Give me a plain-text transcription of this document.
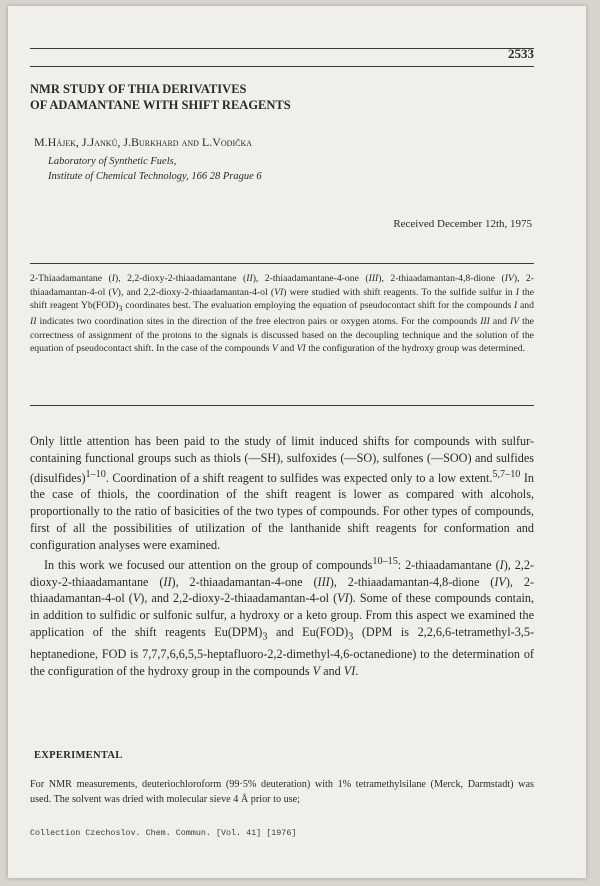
2533
NMR STUDY OF THIA DERIVATIVES
OF ADAMANTANE WITH SHIFT REAGENTS
M.Hájek, J.Janků, J.Burkhard and L.Vodička
Laboratory of Synthetic Fuels,
Institute of Chemical Technology, 166 28 Prague 6
Received December 12th, 1975
2-Thiaadamantane (I), 2,2-dioxy-2-thiaadamantane (II), 2-thiaadamantane-4-one (III), 2-thiaadamantan-4,8-dione (IV), 2-thiaadamantan-4-ol (V), and 2,2-dioxy-2-thiaadamantan-4-ol (VI) were studied with shift reagents. To the sulfide sulfur in I the shift reagent $Yb(FOD)_3$ coordinates best. The evaluation employing the equation of pseudocontact shift for the compounds I and II indicates two coordination sites in the direction of the free electron pairs or oxygen atoms. For the compounds III and IV the correctness of assignment of the protons to the signals is discussed based on the decoupling technique and the solution of the equation of pseudocontact shift. In the case of the compounds V and VI the configuration of the hydroxy group was determined.

Only little attention has been paid to the study of limit induced shifts for compounds with sulfur-containing functional groups such as thiols (—SH), sulfoxides (—SO), sulfones (—SOO) and sulfides (disulfides)$^{1-10}$. Coordination of a shift reagent to sulfides was expected only to a low extent.$^{5,7-10}$ In the case of thiols, the coordination of the shift reagent is lower as compared with alcohols, proportionally to the ratio of basicities of the two types of compounds. For other types of compounds, first of all the possibilities of utilization of the lanthanide shift reagents for conformation and configuration analyses were examined.

In this work we focused our attention on the group of compounds$^{10-15}$: 2-thiaadamantane (I), 2,2-dioxy-2-thiaadamantane (II), 2-thiaadamantan-4-one (III), 2-thiaadamantan-4,8-dione (IV), 2-thiaadamantan-4-ol (V), and 2,2-dioxy-2-thiaadamantan-4-ol (VI). Some of these compounds contain, in addition to sulfidic or sulfonic sulfur, a hydroxy or a keto group. From this aspect we examined the application of the shift reagents $Eu(DPM)_3$ and $Eu(FOD)_3$ (DPM is 2,2,6,6-tetramethyl-3,5-heptanedione, FOD is 7,7,7,6,6,5,5-heptafluoro-2,2-dimethyl-4,6-octanedione) to the determination of the configuration of the hydroxy group in the compounds V and VI.

EXPERIMENTAL
For NMR measurements, deuteriochloroform (99·5% deuteration) with 1% tetramethylsilane (Merck, Darmstadt) was used. The solvent was dried with molecular sieve 4 Å prior to use;
Collection Czechoslov. Chem. Commun. [Vol. 41] [1976]
